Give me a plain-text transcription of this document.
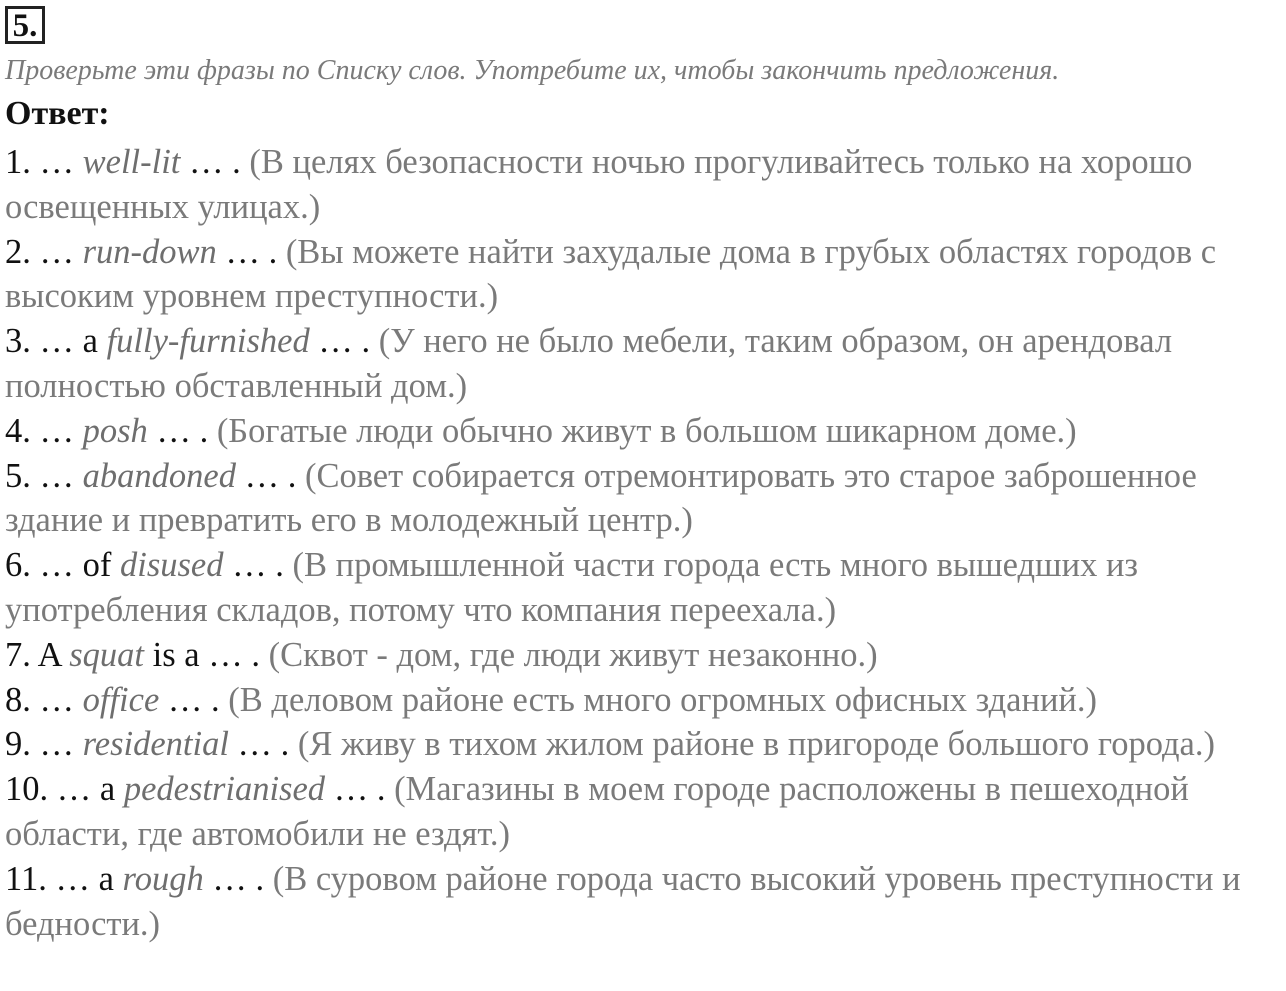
5.
Проверьте эти фразы по Списку слов. Употребите их, чтобы закончить предложения.
Ответ:

1. … well-lit … . (В целях безопасности ночью прогуливайтесь только на хорошо освещенных улицах.)

2. … run-down … . (Вы можете найти захудалые дома в грубых областях городов с высоким уровнем преступности.)

3. … a fully-furnished … . (У него не было мебели, таким образом, он арендовал полностью обставленный дом.)

4. … posh … . (Богатые люди обычно живут в большом шикарном доме.)

5. … abandoned … . (Совет собирается отремонтировать это старое заброшенное здание и превратить его в молодежный центр.)

6. … of disused … . (В промышленной части города есть много вышедших из употребления складов, потому что компания переехала.)

7. A squat is a … . (Сквот - дом, где люди живут незаконно.)

8. … office … . (В деловом районе есть много огромных офисных зданий.)

9. … residential … . (Я живу в тихом жилом районе в пригороде большого города.)

10. … a pedestrianised … . (Магазины в моем городе расположены в пешеходной области, где автомобили не ездят.)

11. … a rough … . (В суровом районе города часто высокий уровень преступности и бедности.)
